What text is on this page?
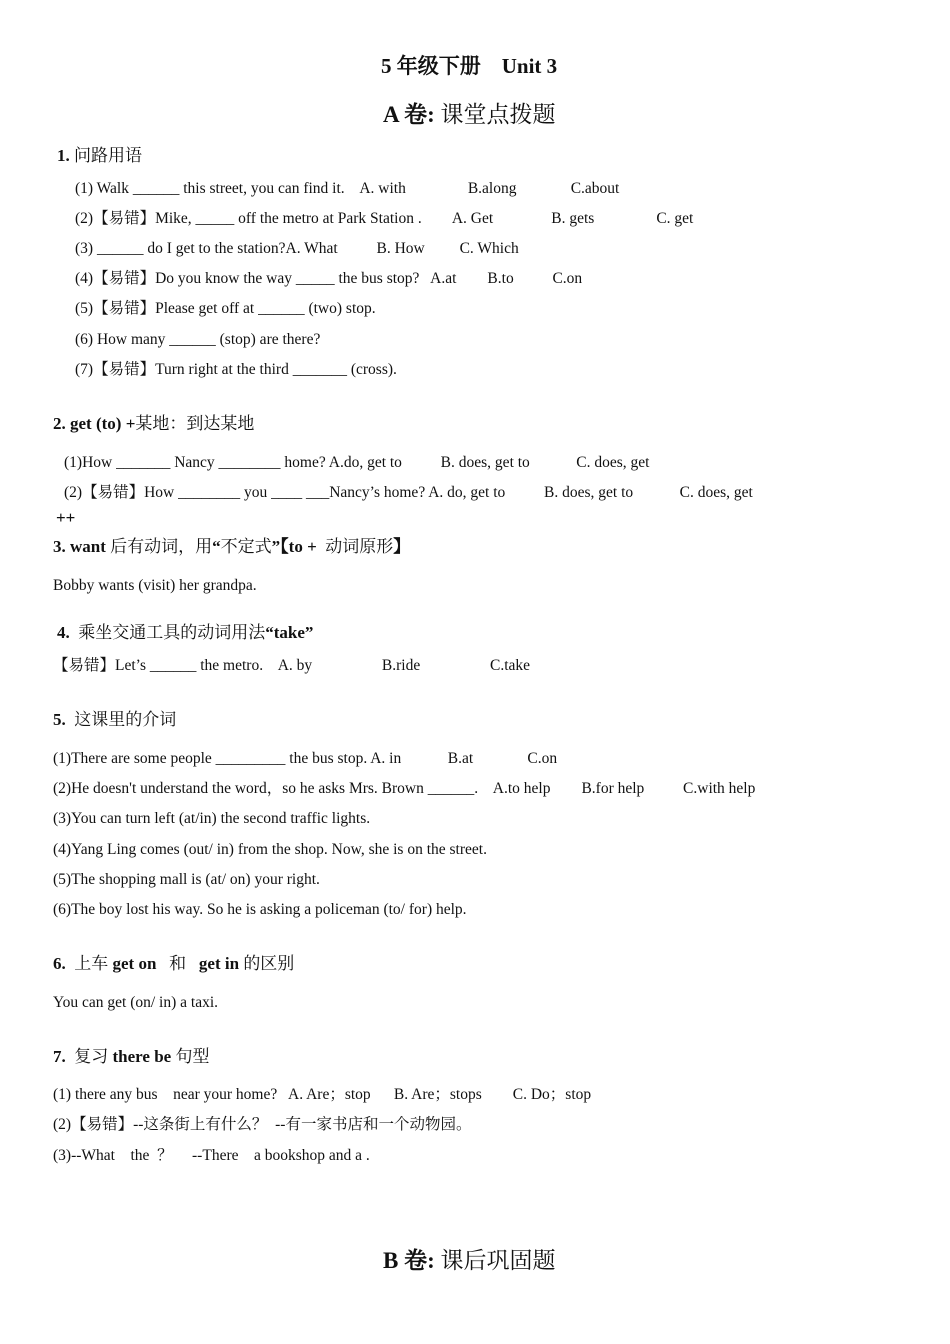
5 年级下册    Unit 3
A 卷: 课堂点拨题
1. 问路用语
(1) Walk ______ this street, you can find it.    A. with                B.along              C.about
(2)【易错】Mike, _____ off the metro at Park Station .        A. Get               B. gets                C. get
(3) ______ do I get to the station?A. What          B. How         C. Which
(4)【易错】Do you know the way _____ the bus stop?   A.at        B.to          C.on
(5)【易错】Please get off at ______ (two) stop.
(6) How many ______ (stop) are there?
(7)【易错】Turn right at the third _______ (cross).
2. get (to) +某地：到达某地
(1)How _______ Nancy ________ home? A.do, get to          B. does, get to            C. does, get
(2)【易错】How ________ you ____ ___Nancy’s home? A. do, get to          B. does, get to            C. does, get
++
3. want 后有动词，用“不定式”【to +  动词原形】
Bobby wants (visit) her grandpa.
4.  乘坐交通工具的动词用法“take”
【易错】Let’s ______ the metro.    A. by                  B.ride                  C.take
5.  这课里的介词
(1)There are some people _________ the bus stop. A. in            B.at              C.on
(2)He doesn't understand the word，so he asks Mrs. Brown ______.    A.to help        B.for help          C.with help
(3)You can turn left (at/in) the second traffic lights.
(4)Yang Ling comes (out/ in) from the shop. Now, she is on the street.
(5)The shopping mall is (at/ on) your right.
(6)The boy lost his way. So he is asking a policeman (to/ for) help.
6.  上车 get on   和   get in 的区别
You can get (on/ in) a taxi.
7.  复习 there be 句型
(1) there any bus    near your home?   A. Are；stop      B. Are；stops        C. Do；stop
(2)【易错】--这条街上有什么？  --有一家书店和一个动物园。
(3)--What    the  ？     --There    a bookshop and a .
B 卷: 课后巩固题
